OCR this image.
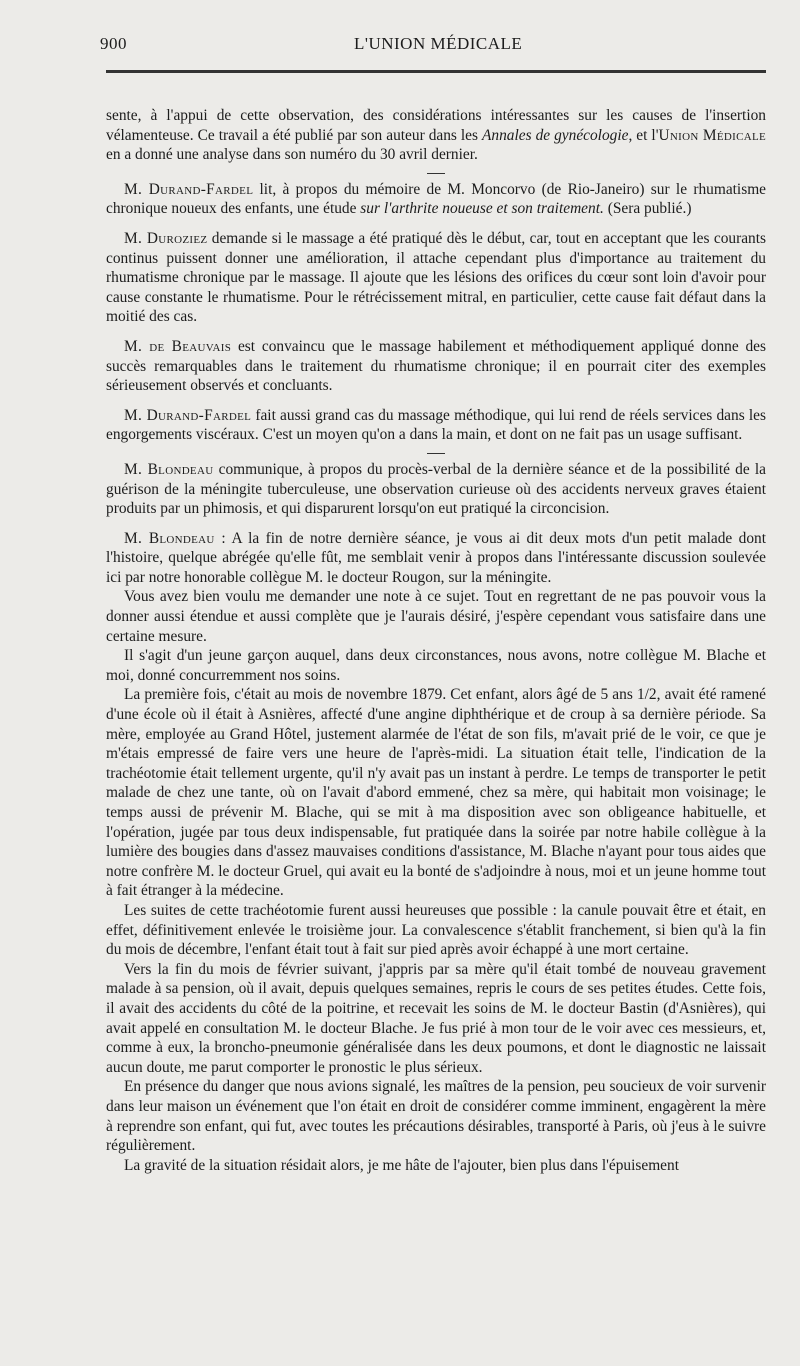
900	L'UNION MÉDICALE

sente, à l'appui de cette observation, des considérations intéressantes sur les causes de l'insertion vélamenteuse. Ce travail a été publié par son auteur dans les Annales de gynécologie, et l'Union Médicale en a donné une analyse dans son numéro du 30 avril dernier.

M. Durand-Fardel lit, à propos du mémoire de M. Moncorvo (de Rio-Janeiro) sur le rhumatisme chronique noueux des enfants, une étude sur l'arthrite noueuse et son traitement. (Sera publié.)

M. Duroziez demande si le massage a été pratiqué dès le début, car, tout en acceptant que les courants continus puissent donner une amélioration, il attache cependant plus d'importance au traitement du rhumatisme chronique par le massage. Il ajoute que les lésions des orifices du cœur sont loin d'avoir pour cause constante le rhumatisme. Pour le rétrécissement mitral, en particulier, cette cause fait défaut dans la moitié des cas.

M. de Beauvais est convaincu que le massage habilement et méthodiquement appliqué donne des succès remarquables dans le traitement du rhumatisme chronique; il en pourrait citer des exemples sérieusement observés et concluants.

M. Durand-Fardel fait aussi grand cas du massage méthodique, qui lui rend de réels services dans les engorgements viscéraux. C'est un moyen qu'on a dans la main, et dont on ne fait pas un usage suffisant.

M. Blondeau communique, à propos du procès-verbal de la dernière séance et de la possibilité de la guérison de la méningite tuberculeuse, une observation curieuse où des accidents nerveux graves étaient produits par un phimosis, et qui disparurent lorsqu'on eut pratiqué la circoncision.

M. Blondeau : A la fin de notre dernière séance, je vous ai dit deux mots d'un petit malade dont l'histoire, quelque abrégée qu'elle fût, me semblait venir à propos dans l'intéressante discussion soulevée ici par notre honorable collègue M. le docteur Rougon, sur la méningite.

Vous avez bien voulu me demander une note à ce sujet. Tout en regrettant de ne pas pouvoir vous la donner aussi étendue et aussi complète que je l'aurais désiré, j'espère cependant vous satisfaire dans une certaine mesure.

Il s'agit d'un jeune garçon auquel, dans deux circonstances, nous avons, notre collègue M. Blache et moi, donné concurremment nos soins.

La première fois, c'était au mois de novembre 1879. Cet enfant, alors âgé de 5 ans 1/2, avait été ramené d'une école où il était à Asnières, affecté d'une angine diphthérique et de croup à sa dernière période. Sa mère, employée au Grand Hôtel, justement alarmée de l'état de son fils, m'avait prié de le voir, ce que je m'étais empressé de faire vers une heure de l'après-midi. La situation était telle, l'indication de la trachéotomie était tellement urgente, qu'il n'y avait pas un instant à perdre. Le temps de transporter le petit malade de chez une tante, où on l'avait d'abord emmené, chez sa mère, qui habitait mon voisinage; le temps aussi de prévenir M. Blache, qui se mit à ma disposition avec son obligeance habituelle, et l'opération, jugée par tous deux indispensable, fut pratiquée dans la soirée par notre habile collègue à la lumière des bougies dans d'assez mauvaises conditions d'assistance, M. Blache n'ayant pour tous aides que notre confrère M. le docteur Gruel, qui avait eu la bonté de s'adjoindre à nous, moi et un jeune homme tout à fait étranger à la médecine.

Les suites de cette trachéotomie furent aussi heureuses que possible : la canule pouvait être et était, en effet, définitivement enlevée le troisième jour. La convalescence s'établit franchement, si bien qu'à la fin du mois de décembre, l'enfant était tout à fait sur pied après avoir échappé à une mort certaine.

Vers la fin du mois de février suivant, j'appris par sa mère qu'il était tombé de nouveau gravement malade à sa pension, où il avait, depuis quelques semaines, repris le cours de ses petites études. Cette fois, il avait des accidents du côté de la poitrine, et recevait les soins de M. le docteur Bastin (d'Asnières), qui avait appelé en consultation M. le docteur Blache. Je fus prié à mon tour de le voir avec ces messieurs, et, comme à eux, la broncho-pneumonie généralisée dans les deux poumons, et dont le diagnostic ne laissait aucun doute, me parut comporter le pronostic le plus sérieux.

En présence du danger que nous avions signalé, les maîtres de la pension, peu soucieux de voir survenir dans leur maison un événement que l'on était en droit de considérer comme imminent, engagèrent la mère à reprendre son enfant, qui fut, avec toutes les précautions désirables, transporté à Paris, où j'eus à le suivre régulièrement.

La gravité de la situation résidait alors, je me hâte de l'ajouter, bien plus dans l'épuisement
